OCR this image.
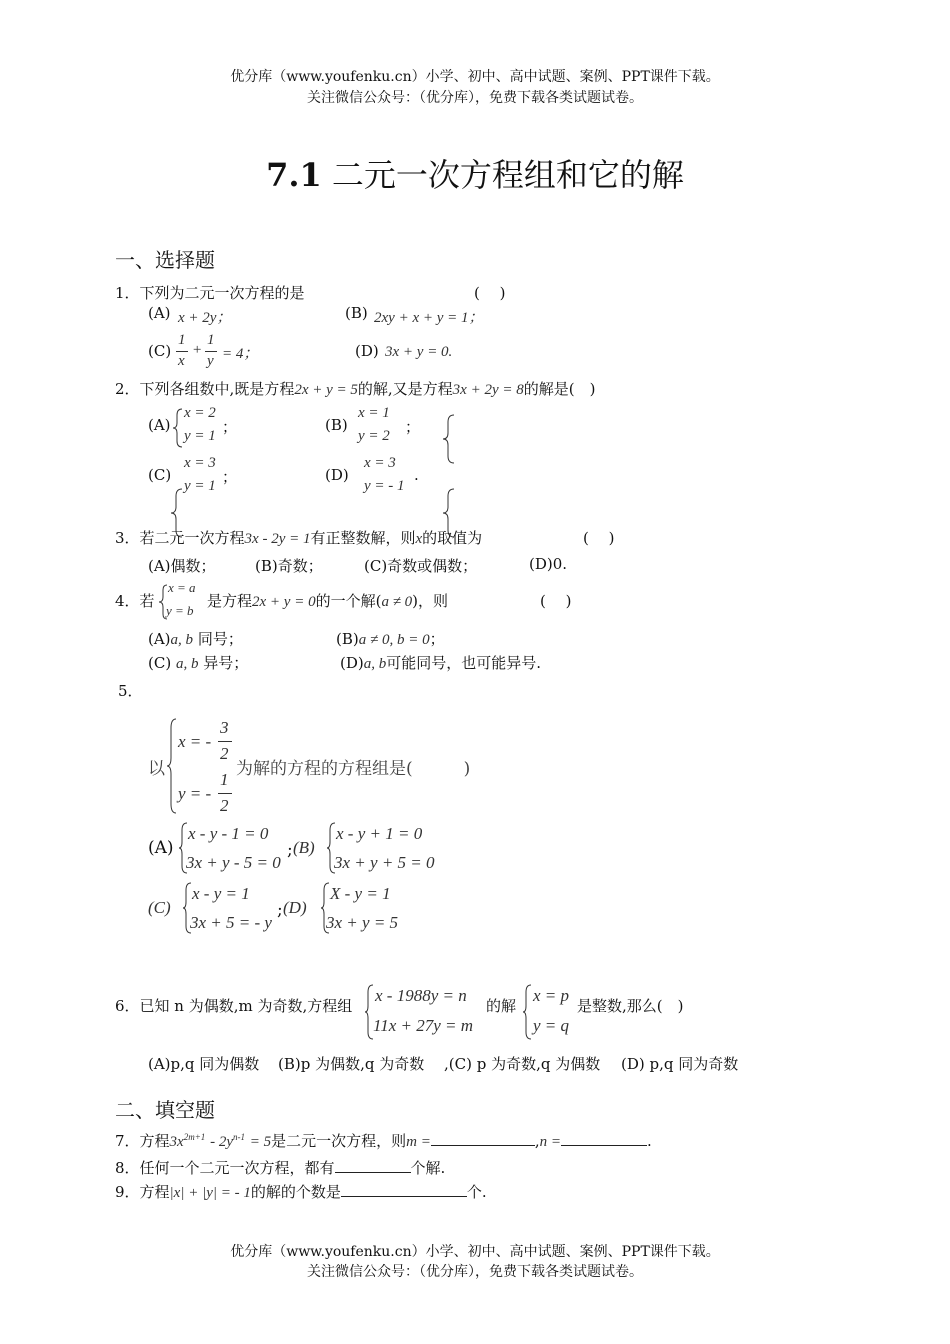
优分库（www.youfenku.cn）小学、初中、高中试题、案例、PPT课件下载。
关注微信公众号：（优分库），免费下载各类试题试卷。
7.1 二元一次方程组和它的解
一、选择题
1．下列为二元一次方程的是	(　 )
(A) x + 2y；	(B) 2xy + x + y = 1；
(C)
1
x
+
1
y = 4；	(D) 3x + y = 0.
2．下列各组数中,既是方程2x + y = 5的解,又是方程3x + 2y = 8的解是(　)
(A)
x = 2
y = 1 ；	(B)
x = 1
y = 2 ；
(C)
x = 3
y = 1 ；	(D)
x = 3
y = - 1
.
3．若二元一次方程3x - 2y = 1有正整数解，则x的取值为	(　 )
(A)偶数；	(B)奇数；	(C)奇数或偶数；	(D)0.
4．若
x = a
y = b
是方程2x + y = 0的一个解(a ≠ 0)，则	(　 )
(A)a, b 同号；	(B)a ≠ 0, b = 0；
(C) a, b 异号；	(D)a, b可能同号，也可能异号.
5．
以
x = -
3
2
y = -
1
2
为解的方程的方程组是(　　　)
(A)
x - y - 1 = 0
3x + y - 5 = 0
; (B)
x - y + 1 = 0
3x + y + 5 = 0
(C)
x - y = 1
3x + 5 = - y
; (D)
X - y = 1
3x + y = 5
6．已知 n 为偶数,m 为奇数,方程组
x - 1988y = n
11x + 27y = m
的解
x = p
y = q
是整数,那么(　)
(A)p,q 同为偶数 (B)p 为偶数,q 为奇数 ,(C) p 为奇数,q 为偶数 (D) p,q 同为奇数
二、填空题
7．方程$3x^{2m+1} - 2y^{n-1} = 5$是二元一次方程，则m =	,n =	.
8．任何一个二元一次方程，都有	个解.
9．方程|x| + |y| = - 1的解的个数是	个.
优分库（www.youfenku.cn）小学、初中、高中试题、案例、PPT课件下载。
关注微信公众号：（优分库），免费下载各类试题试卷。
